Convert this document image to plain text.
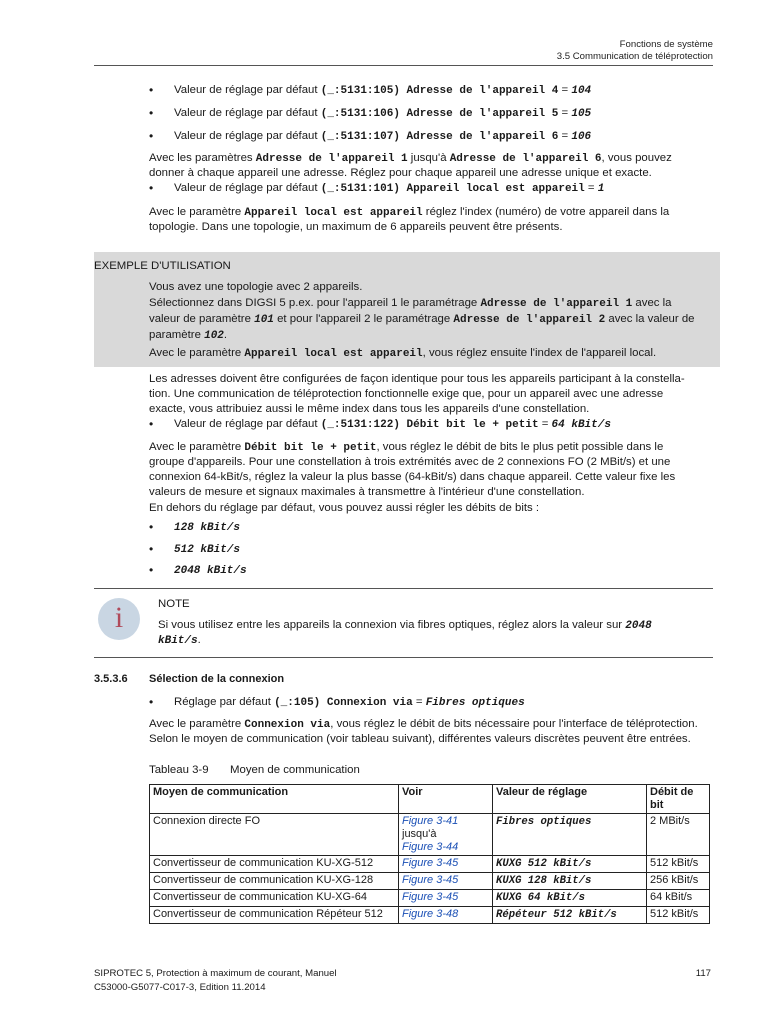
Fonctions de système
3.5 Communication de téléprotection
•	Valeur de réglage par défaut (_:5131:105) Adresse de l'appareil 4 = 104
•	Valeur de réglage par défaut (_:5131:106) Adresse de l'appareil 5 = 105
•	Valeur de réglage par défaut (_:5131:107) Adresse de l'appareil 6 = 106
Avec les paramètres Adresse de l'appareil 1 jusqu'à Adresse de l'appareil 6, vous pouvez
donner à chaque appareil une adresse. Réglez pour chaque appareil une adresse unique et exacte.
•	Valeur de réglage par défaut (_:5131:101) Appareil local est appareil = 1
Avec le paramètre Appareil local est appareil réglez l'index (numéro) de votre appareil dans la
topologie. Dans une topologie, un maximum de 6 appareils peuvent être présents.
EXEMPLE D'UTILISATION
Vous avez une topologie avec 2 appareils.
Sélectionnez dans DIGSI 5 p.ex. pour l'appareil 1 le paramétrage Adresse de l'appareil 1 avec la
valeur de paramètre 101 et pour l'appareil 2 le paramétrage Adresse de l'appareil 2 avec la valeur de
paramètre 102.
Avec le paramètre Appareil local est appareil, vous réglez ensuite l'index de l'appareil local.
Les adresses doivent être configurées de façon identique pour tous les appareils participant à la constella-
tion. Une communication de téléprotection fonctionnelle exige que, pour un appareil avec une adresse
exacte, vous attribuiez aussi le même index dans tous les appareils d'une constellation.
•	Valeur de réglage par défaut (_:5131:122) Débit bit le + petit = 64 kBit/s
Avec le paramètre Débit bit le + petit, vous réglez le débit de bits le plus petit possible dans le
groupe d'appareils. Pour une constellation à trois extrémités avec de 2 connexions FO (2 MBit/s) et une
connexion 64-kBit/s, réglez la valeur la plus basse (64-kBit/s) dans chaque appareil. Cette valeur fixe les
valeurs de mesure et signaux maximales à transmettre à l'intérieur d'une constellation.
En dehors du réglage par défaut, vous pouvez aussi régler les débits de bits :
•	128 kBit/s
•	512 kBit/s
•	2048 kBit/s
i	NOTE
Si vous utilisez entre les appareils la connexion via fibres optiques, réglez alors la valeur sur 2048
kBit/s.
3.5.3.6 Sélection de la connexion
•	Réglage par défaut (_:105) Connexion via = Fibres optiques
Avec le paramètre Connexion via, vous réglez le débit de bits nécessaire pour l'interface de téléprotection.
Selon le moyen de communication (voir tableau suivant), différentes valeurs discrètes peuvent être entrées.
Tableau 3-9 Moyen de communication
Moyen de communication	Voir	Valeur de réglage	Débit de
bit
Connexion directe FO	Figure 3-41
jusqu'à
Figure 3-44	Fibres optiques	2 MBit/s
Convertisseur de communication KU-XG-512	Figure 3-45	KUXG 512 kBit/s	512 kBit/s
Convertisseur de communication KU-XG-128	Figure 3-45	KUXG 128 kBit/s	256 kBit/s
Convertisseur de communication KU-XG-64	Figure 3-45	KUXG 64 kBit/s	64 kBit/s
Convertisseur de communication Répéteur 512	Figure 3-48	Répéteur 512 kBit/s	512 kBit/s
SIPROTEC 5, Protection à maximum de courant, Manuel
C53000-G5077-C017-3, Edition 11.2014
117
